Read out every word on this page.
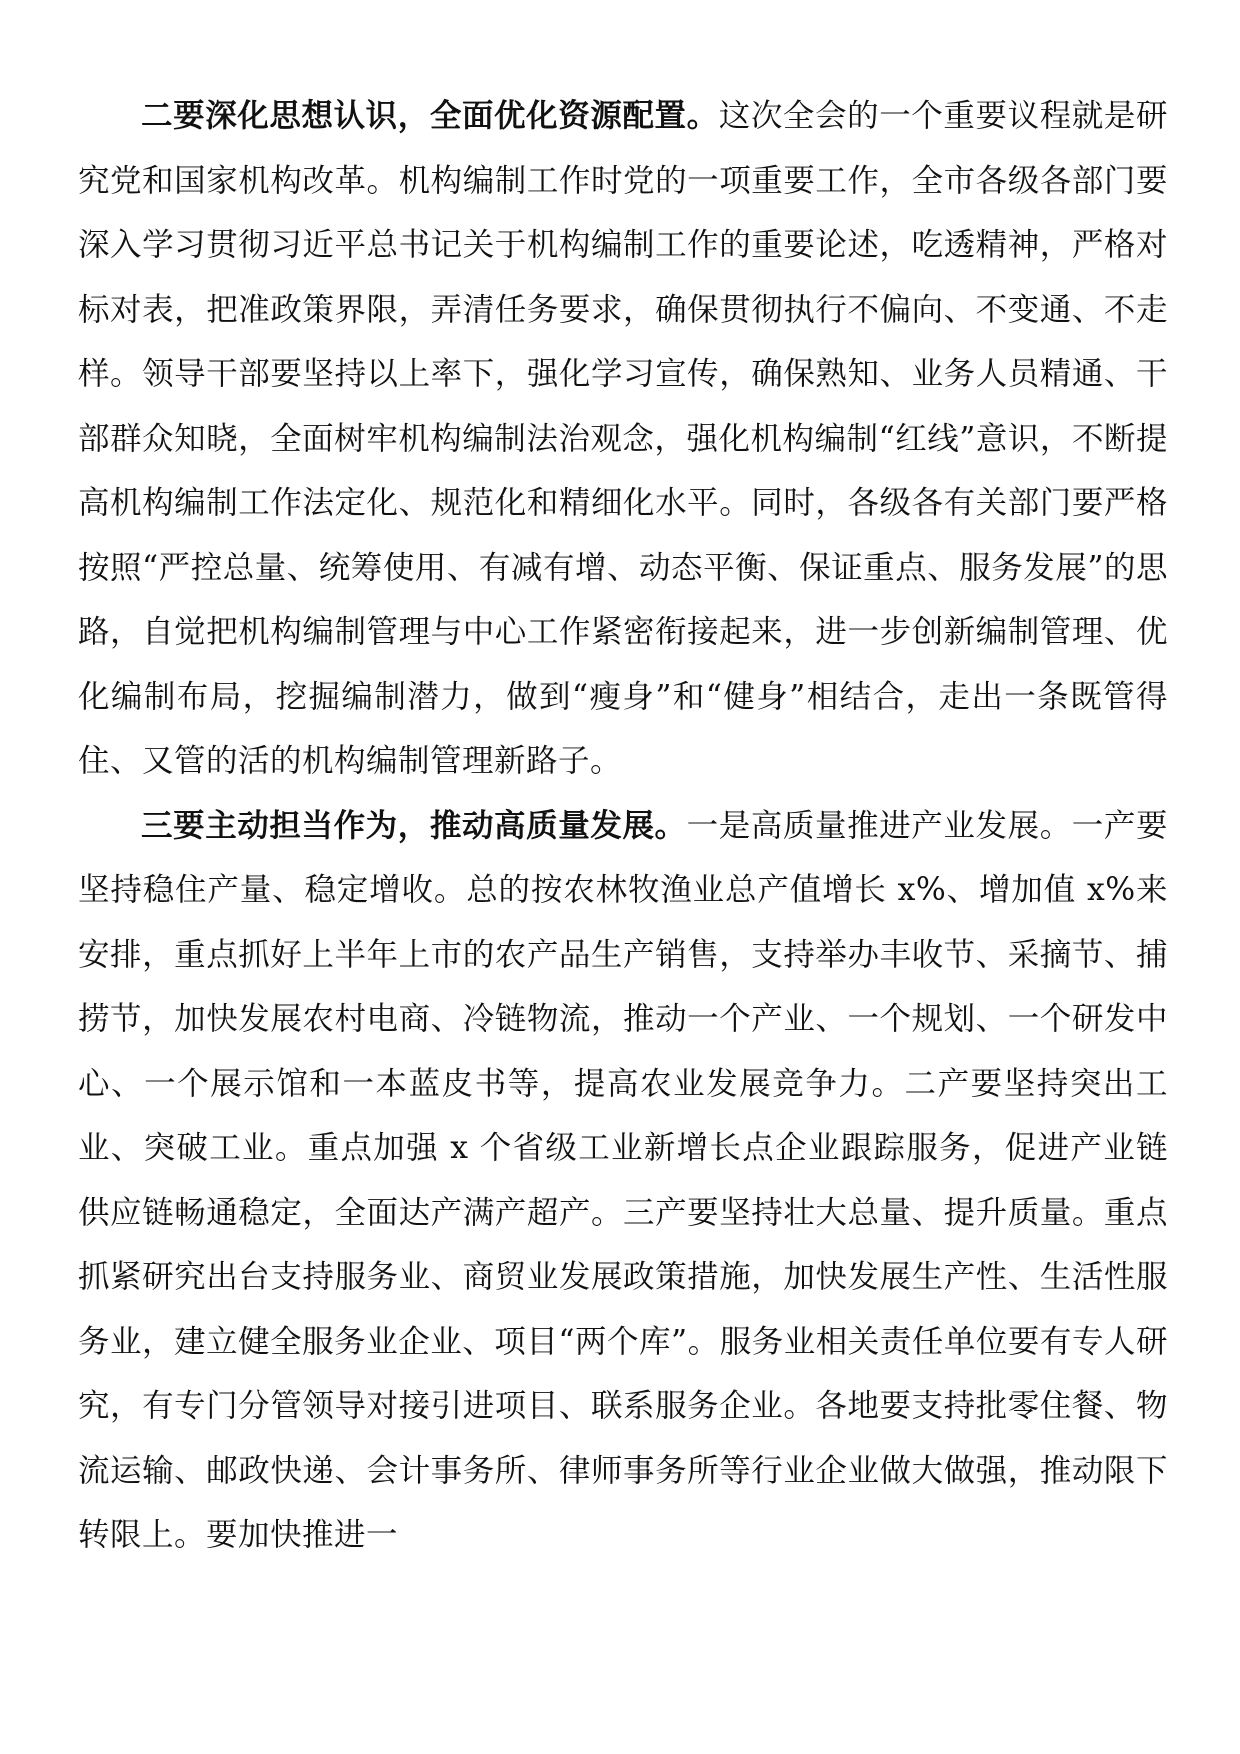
二要深化思想认识，全面优化资源配置。这次全会的一个重要议程就是研究党和国家机构改革。机构编制工作时党的一项重要工作，全市各级各部门要深入学习贯彻习近平总书记关于机构编制工作的重要论述，吃透精神，严格对标对表，把准政策界限，弄清任务要求，确保贯彻执行不偏向、不变通、不走样。领导干部要坚持以上率下，强化学习宣传，确保熟知、业务人员精通、干部群众知晓，全面树牢机构编制法治观念，强化机构编制“红线”意识，不断提高机构编制工作法定化、规范化和精细化水平。同时，各级各有关部门要严格按照“严控总量、统筹使用、有减有增、动态平衡、保证重点、服务发展”的思路，自觉把机构编制管理与中心工作紧密衔接起来，进一步创新编制管理、优化编制布局，挖掘编制潜力，做到“瘦身”和“健身”相结合，走出一条既管得住、又管的活的机构编制管理新路子。

三要主动担当作为，推动高质量发展。一是高质量推进产业发展。一产要坚持稳住产量、稳定增收。总的按农林牧渔业总产值增长 x%、增加值 x%来安排，重点抓好上半年上市的农产品生产销售，支持举办丰收节、采摘节、捕捞节，加快发展农村电商、冷链物流，推动一个产业、一个规划、一个研发中心、一个展示馆和一本蓝皮书等，提高农业发展竞争力。二产要坚持突出工业、突破工业。重点加强 x 个省级工业新增长点企业跟踪服务，促进产业链供应链畅通稳定，全面达产满产超产。三产要坚持壮大总量、提升质量。重点抓紧研究出台支持服务业、商贸业发展政策措施，加快发展生产性、生活性服务业，建立健全服务业企业、项目“两个库”。服务业相关责任单位要有专人研究，有专门分管领导对接引进项目、联系服务企业。各地要支持批零住餐、物流运输、邮政快递、会计事务所、律师事务所等行业企业做大做强，推动限下转限上。要加快推进一
